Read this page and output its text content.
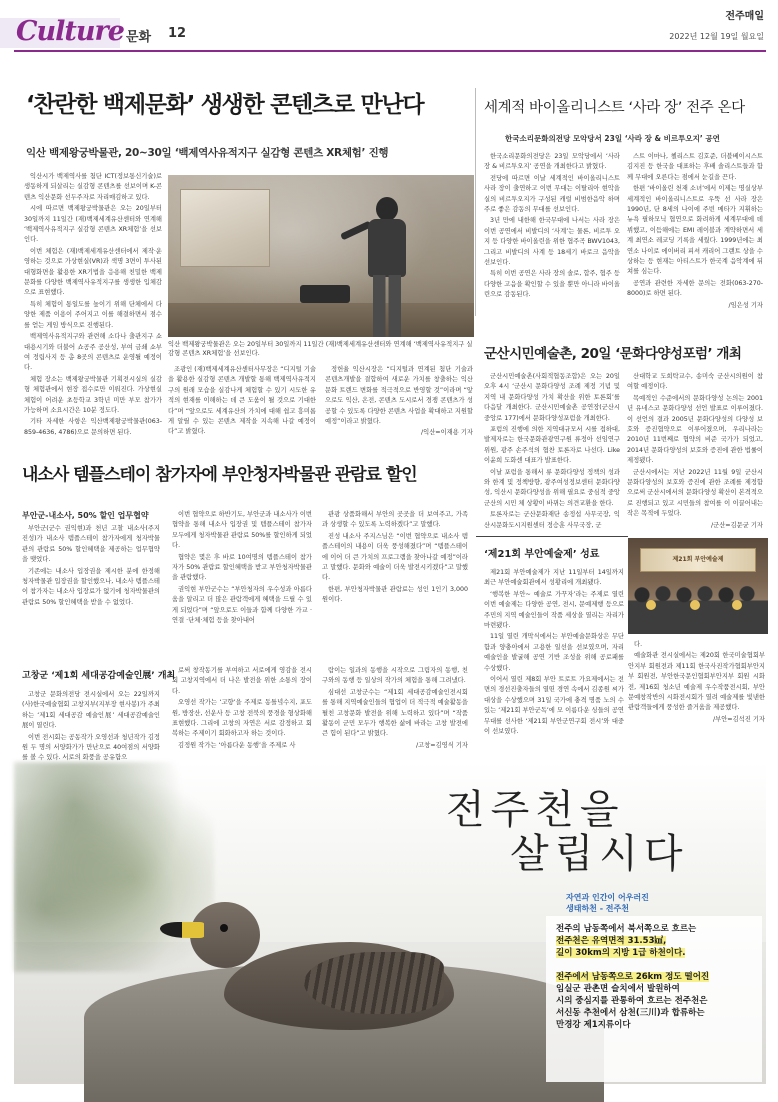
Culture 문화 12
전주매일
2022년 12월 19일 월요일
‘찬란한 백제문화’ 생생한 콘텐츠로 만난다
익산 백제왕궁박물관, 20~30일 ‘백제역사유적지구 실감형 콘텐츠 XR체험’ 진행

익산시가 백제역사를 첨단 ICT(정보통신기술)로 생동하게 되살리는 실감형 콘텐츠를 선보이며 K-콘텐츠 익산문화 선두주자로 자리매김하고 있다.

시에 따르면 백제왕궁박물관은 오는 20일부터 30일까지 11일간 (재)백제세계유산센터와 연계해 ‘백제역사유적지구 실감형 콘텐츠 XR체험’을 선보인다.

이번 체험은 (재)백제세계유산센터에서 제작·운영하는 것으로 가상현실(VR)과 색명 3면이 투사된 대형화면을 활용한 XR기법을 응용해 친밀한 백제 문화를 다양한 백제역사유적지구를 생생한 입체감으로 표현했다.

특히 체험이 통일도를 높이기 위해 단체에서 다양한 제품 이용이 주어지고 이를 해결하면서 점수를 얻는 게임 방식으로 진행된다.

백제역사유적지구와 관련해 소다나 출관지구 쇼대용시기와 더불어 쇼공주 공산성, 부여 금쇄 쇼부여 정립사지 등 총 8곳의 콘텐츠로 운영될 예정이다.

체험 장소는 백제왕궁박물관 기획전시실의 실감형 체험관에서 현장 접수로만 이뤄진다. 가상현실 체험이 어려운 초등학교 3학년 미만 부모 참가가 가능하며 소요시간은 10분 정도다.

기타 자세한 사항은 익산백제왕궁박물관(063-859-4636, 4786)으로 문의하면 된다.

익산 백제왕궁박물관은 오는 20일부터 30일까지 11일간 (재)백제세계유산센터와 연계해 ‘백제역사유적지구 실감형 콘텐츠 XR체험’을 선보인다.

조광인 (재)백제세계유산센터사무장은 “디지털 기술을 활용한 실감형 콘텐츠 개발할 통해 백제역사유적지구의 원래 모습을 실감나게 체험할 수 있기 시도한 유적의 현재를 이해하는 데 큰 도움이 될 것으로 기대한다”며 “앞으로도 세계유산의 가치에 대해 쉽고 흥미롭게 알릴 수 있는 콘텐츠 제작을 지속해 나갈 예정이다”고 밝혔다.

정헌율 익산시장은 “디지털과 연계된 첨단 기술과 콘텐츠개발을 결합하여 새로운 가치를 창출하는 익산문화 트렌드 변화를 적극적으로 반영할 것”이라며 “앞으로도 익산, 온전, 콘텐츠 도시로서 경쟁 콘텐츠가 성공할 수 있도록 다양한 콘텐츠 사업을 확대하고 지원할 예정”이라고 밝혔다.

/익산=이재용 기자
세계적 바이올리니스트 ‘사라 장’ 전주 온다
한국소리문화의전당 모악당서 23일 ‘사라 장 & 비르투오지’ 공연

한국소리문화의전당은 23일 모악당에서 ‘사라 장 & 비르투오지’ 공연을 개최한다고 밝혔다.

전당에 따르면 이날 세계적인 바이올리니스트 사라 장이 출연하고 이번 무대는 이탈리아 현악을 실의 비르투오지가 구성된 캐럴 비범한음악 하며 주로 좋은 감동의 무대를 선보인다.

3년 만에 내한해 한국무대에 나서는 사라 장은 이번 공연에서 비발디의 ‘사계’는 물론, 비르투 오지 등 다양한 바이올린을 위한 협주곡 BWV1043, 그리고 비발디의 사계 등 18세기 바로크 음악을 선보인다.

특히 이번 공연은 사라 장의 솔로, 합주, 협주 등 다양한 고음을 확인할 수 있을 뿐만 아니라 바이올린으로 감동된다.

스트 이마나, 첼리스트 김호준, 더블베이시스트 김지진 등 한국을 대표하는 후배 솔리스트들과 함께 무대에 오른다는 점에서 눈길을 끈다.

한편 ‘바이올린 천재 소녀’에서 이제는 명실상부 세계적인 바이올리니스트로 우뚝 선 사라 장은 1990년, 단 8세의 나이에 주빈 메타가 지휘하는 뉴욕 필하모닉 협연으로 화려하게 세계무대에 데뷔했고, 이듬해에는 EMI 레이블과 계약하면서 세계 최연소 레코딩 기록을 세웠다. 1999년에는 최연소 나이로 에이버리 피셔 캐리어 그랜트 상을 수상하는 등 현재는 아티스트가 한국계 음악계에 뒤쳐를 심는다.

공연과 관련한 자세한 문의는 전화(063-270-8000)로 하면 된다.

/임은성 기자
군산시민예술촌, 20일 ‘문화다양성포럼’ 개최

군산시민예술촌(사회적협동조합)은 오는 20일 오후 4시 ‘군산시 문화다양성 조례 제정 기념 및 지역 내 문화다양성 가치 확산을 위한 토론회’를 다음달 개최한다. 군산시민예술촌 공연장(군산시 중앙로 177)에서 문화다양성포럼을 개최한다.

포럼의 진행에 의한 지역대규모서 시를 접하대, 발제자로는 한국문화관광연구원 류정아 선임연구위원, 광주 손주석의 협찬 토론자로 나선다. Like 이윤희 도화센 대표가 발표한다.

이날 포럼을 통해서 류 문화다양성 정책의 성과와 한계 및 정책방향, 광주여성정보센터 문화다양성, 익산시 문화다양성을 위해 필요로 중심적 중앙군산의 시민 체 상황이 바뀌는 의견교환을 한다.

토론자로는 군산문화재단 송정섭 사무국장, 익산시문화도시지원센터 정승훈 사무국장, 군

산대학교 도희탁교수, 송미숙 군산시의원이 참여할 예정이다.

목예적인 수준에서의 문화다양성 논의는 2001년 유네스코 문화다양성 선언 발표로 이루어졌다. 이 선언의 결과 2005년 문화다양성의 다양성 보호와 증진협약으로 이루어졌으며, 우리나라는 2010년 11번째로 협약의 비준 국가가 되었고, 2014년 문화다양성의 보호와 증진에 관한 법률이 제정됐다.

군산시에서는 지난 2022년 11월 9일 군산시 문화다양성의 보호와 증진에 관한 조례를 제정함으로써 군산시에서의 문화다양성 확산이 본격적으로 진행되고 있고 시민들의 참여를 이 이끌어내는 작은 목적에 두었다.

/군산=김문균 기자
내소사 템플스테이 참가자에 부안청자박물관 관람료 할인
부안군-내소사, 50% 할인 업무협약

부안군(군수 권익현)과 천년 고찰 내소사(주지 진성)가 내소사 템플스테이 참가자에게 청자박물관의 관람료 50% 할인혜택을 제공하는 업무협약을 맺었다.

기존에는 내소사 입장권을 제시한 분에 한정해 청자박물관 입장권을 할인했으나, 내소사 템플스테이 참가자는 내소사 입장료가 없기에 청자박물관의 관람료 50% 할인혜택을 받을 수 없었다.

이번 협약으로 하반기도, 부안군과 내소사가 이번 협약을 통해 내소사 입장권 및 템플스테이 참가자 모두에게 청자박물관 관람료 50%를 할인하게 되었다.

협약은 몇은 후 바로 10여명의 템플스테이 참가자가 50% 관람료 할인혜택을 받고 부안청자박물관을 관람했다.

권익현 부안군수는 “부안청자의 우수성과 아름다움을 알리고 더 많은 관람객에게 혜택을 드릴 수 있게 되었다”며 “앞으로도 이들과 함께 다양한 가교 ·연결 ·단체·체험 등을 찾아내어

관광 상품화해서 부안의 곳곳을 더 보여주고, 가족과 상생할 수 있도록 노력하겠다”고 말했다.

진성 내소사 주지스님은 “이번 협약으로 내소사 템플스테이의 내용이 더욱 풍성해졌다”며 “템플스테이에 이어 더 큰 가치의 프로그램을 찾아나갈 예정”이라고 말했다. 문화와 예술이 더욱 발전시키겠다”고 말했다.

한편, 부안청자박물관 관람료는 성인 1인기 3,000원이다.

고창군 ‘제1회 세대공감예술인展’ 개최

고창군 문화의전당 전시실에서 오는 22일까지 (사)한국예술협회 고창지부(지부장 현사봉)가 주최하는 ‘제1회 세대공감 예술인展’ 세대공감예술인展이 열린다.

이번 전시회는 공동작가 오영선과 청년작가 김정원 두 명의 서양화가가 만난으로 40여점의 서양화를 볼 수 있다. 서로의 화풍을 공유함으

로써 창작동기를 부여하고 서로에게 영감을 전시회 고창지역에서 더 나은 발전을 위한 소통의 장이다.

오영선 작가는 ‘고향’을 주제로 동틀녘수지, 포도원, 방장산, 선운사 등 고창 전북의 풍경을 형상화해 표현했다. 그리에 고창의 자연은 서로 감정하고 회복하는 주제이기 회화하고자 하는 것이다.

김정원 작가는 ‘아름다운 동행’을 주제로 사

람이는 일과의 동행을 시작으로 그림자의 동행, 친구와의 동행 등 일상의 작가의 체험을 통해 그려냈다.

심대선 고창군수는 “제1회 세대공감예술인전시회를 통해 지역예술인들의 협업이 더 적극적 예술활동을 펼친 고창문화 발전을 위해 노력하고 있다”며 “작품활동이 군민 모두가 행복한 삶에 바라는 고창 발전에 큰 힘이 된다”고 밝혔다.

/고창=김영식 기자
‘제21회 부안예술제’ 성료

제21회 부안예술제가 지난 11일부터 14일까지 최근 부안예술회관에서 성황리에 개최됐다.

‘행복한 부안~ 예술로 가꾸자’라는 주제로 열린 이번 예술제는 다양한 공연, 전시, 문예제행 등으로 주민의 지역 예술인들이 작품 세상을 열리는 자리가 마련됐다.

11일 열린 개막식에서는 부안예술문화상은 무단함과 양충아에서 고용한 일선을 선보였으며, 자리 예술인을 발굴해 공연 기반 조성을 위해 공로패를 수상했다.

이어서 열린 제8회 부안 트로트 가요제에서는 전면의 경선진출자들의 열띤 경연 속에서 김종원 씨가 대상을 수상했으며 31일 국가에 충격 명품 노의 수 있는 ‘제21회 부안군독’에 모 이름다운 싱들의 공연 무대를 선사한 ‘제21회 부안군연구회 전시’와 대중이 선보였다.

제21회 부안예술제

다.

예술화관 전시실에서는 제20회 한국미술협회부안지부 회원전과 제11회 한국사진작가협회부안지부 회원전, 부안한국문인협회부안지부 회원 시화전, 제16회 청소년 예술제 우수작품전시회, 부안문예창작반의 시화전시회가 열려 예술제를 빛낸한 관람객들에게 풍성한 즐거움을 제공했다.

/부안=김석진 기자
전주천을
살립시다
자연과 인간이 어우러진
생태하천 - 전주천
전주의 남동쪽에서 북서쪽으로 흐르는
전주천은 유역면적 31.53㎢,
길이 30km의 지방 1급 하천이다.
전주에서 남동쪽으로 26km 정도 떨어진
임실군 관촌면 슬치에서 발원하여
시의 중심지를 관통하여 흐르는 전주천은
서신동 추천에서 삼천(三川)과 합류하는
만경강 제1지류이다
